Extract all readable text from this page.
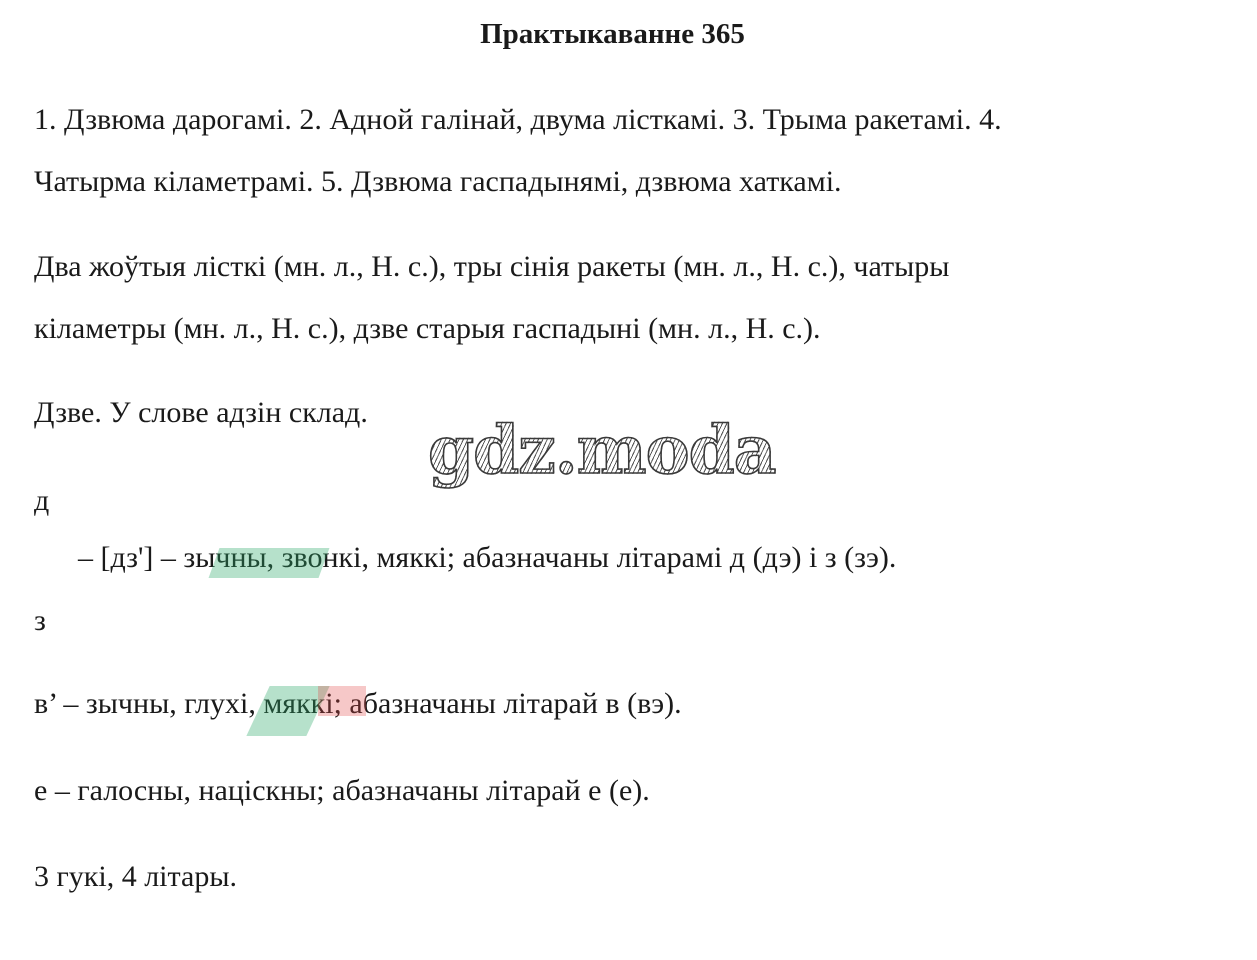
Практыкаванне 365
1. Дзвюма дарогамі. 2. Адной галінай, двума лісткамі. 3. Трыма ракетамі. 4.
Чатырма кіламетрамі. 5. Дзвюма гаспадынямі, дзвюма хаткамі.
Два жоўтыя лісткі (мн. л., Н. с.), тры сінія ракеты (мн. л., Н. с.), чатыры
кіламетры (мн. л., Н. с.), дзве старыя гаспадыні (мн. л., Н. с.).
Дзве. У слове адзін склад.
д
– [дз'] – зычны, звонкі, мяккі; абазначаны літарамі д (дэ) і з (зэ).
з
в’ – зычны, глухі, мяккі; абазначаны літарай в (вэ).
е – галосны, націскны; абазначаны літарай е (е).
3 гукі, 4 літары.
gdz.moda
